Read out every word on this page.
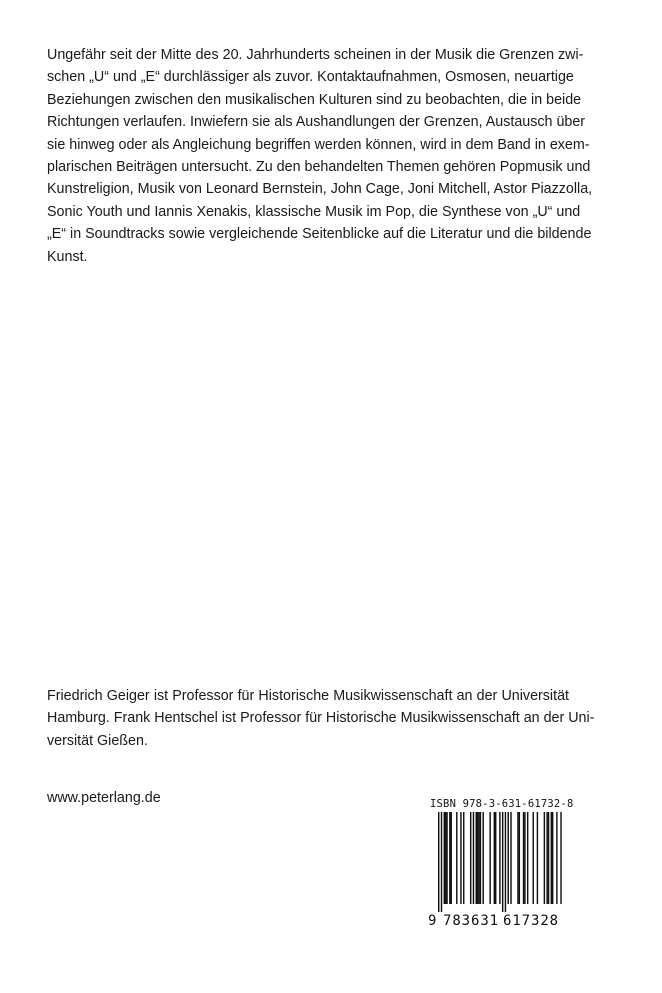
Ungefähr seit der Mitte des 20. Jahrhunderts scheinen in der Musik die Grenzen zwi-
schen „U“ und „E“ durchlässiger als zuvor. Kontaktaufnahmen, Osmosen, neuartige
Beziehungen zwischen den musikalischen Kulturen sind zu beobachten, die in beide
Richtungen verlaufen. Inwiefern sie als Aushandlungen der Grenzen, Austausch über
sie hinweg oder als Angleichung begriffen werden können, wird in dem Band in exem-
plarischen Beiträgen untersucht. Zu den behandelten Themen gehören Popmusik und
Kunstreligion, Musik von Leonard Bernstein, John Cage, Joni Mitchell, Astor Piazzolla,
Sonic Youth und Iannis Xenakis, klassische Musik im Pop, die Synthese von „U“ und
„E“ in Soundtracks sowie vergleichende Seitenblicke auf die Literatur und die bildende
Kunst.
Friedrich Geiger ist Professor für Historische Musikwissenschaft an der Universität
Hamburg. Frank Hentschel ist Professor für Historische Musikwissenschaft an der Uni-
versität Gießen.
www.peterlang.de	ISBN 978-3-631-61732-8
9 783631 617328
